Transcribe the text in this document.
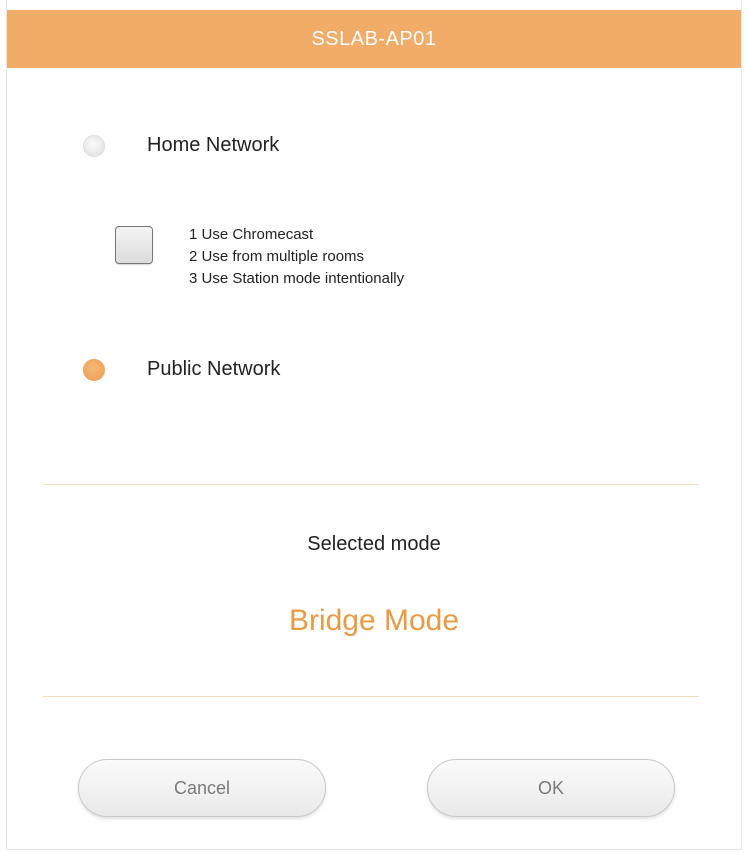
SSLAB-AP01
Home Network
1 Use Chromecast
2 Use from multiple rooms
3 Use Station mode intentionally
Public Network
Selected mode
Bridge Mode
Cancel	OK
